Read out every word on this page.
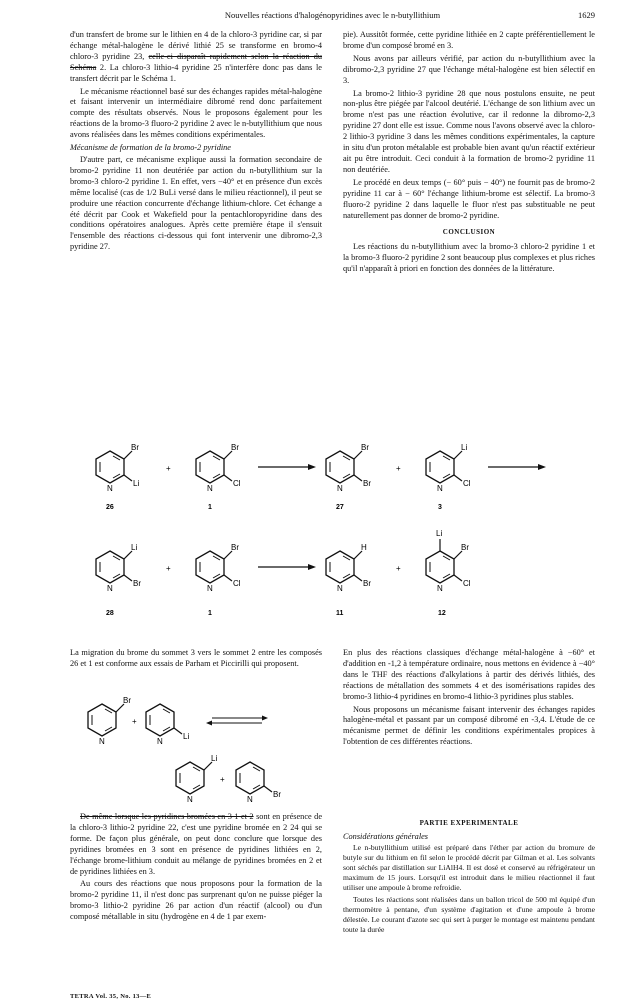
Nouvelles réactions d'halogénopyridines avec le n-butyllithium	1629

d'un transfert de brome sur le lithien en 4 de la chloro-3 pyridine car, si par échange métal-halogène le dérivé lithié 25 se transforme en bromo-4 chloro-3 pyridine 23, celle-ci disparaît rapidement selon la réaction du Schéma 2. La chloro-3 lithio-4 pyridine 25 n'interfère donc pas dans le transfert décrit par le Schéma 1.

Le mécanisme réactionnel basé sur des échanges rapides métal-halogène et faisant intervenir un intermédiaire dibromé rend donc parfaitement compte des résultats observés. Nous le proposons également pour les réactions de la bromo-3 fluoro-2 pyridine 2 avec le n-butyllithium que nous avons réalisées dans les mêmes conditions expérimentales.

Mécanisme de formation de la bromo-2 pyridine

D'autre part, ce mécanisme explique aussi la formation secondaire de bromo-2 pyridine 11 non deutériée par action du n-butyllithium sur la bromo-3 chloro-2 pyridine 1. En effet, vers −40° et en présence d'un excès même localisé (cas de 1/2 BuLi versé dans le milieu réactionnel), il peut se produire une réaction concurrente d'échange lithium-chlore. Cet échange a été décrit par Cook et Wakefield pour la pentachloropyridine dans des conditions opératoires analogues. Après cette première étape il s'ensuit l'ensemble des réactions ci-dessous qui font intervenir une dibromo-2,3 pyridine 27.

pie). Aussitôt formée, cette pyridine lithiée en 2 capte préférentiellement le brome d'un composé bromé en 3.

Nous avons par ailleurs vérifié, par action du n-butyllithium avec la dibromo-2,3 pyridine 27 que l'échange métal-halogène est bien sélectif en 3.

La bromo-2 lithio-3 pyridine 28 que nous postulons ensuite, ne peut non-plus être piégée par l'alcool deutérié. L'échange de son lithium avec un brome n'est pas une réaction évolutive, car il redonne la dibromo-2,3 pyridine 27 dont elle est issue. Comme nous l'avons observé avec la chloro-2 lithio-3 pyridine 3 dans les mêmes conditions expérimentales, la capture in situ d'un proton métalable est probable bien avant qu'un réactif extérieur ait pu être introduit. Ceci conduit à la formation de bromo-2 pyridine 11 non deutériée.

Le procédé en deux temps (− 60° puis − 40°) ne fournit pas de bromo-2 pyridine 11 car à − 60° l'échange lithium-brome est sélectif. La bromo-3 fluoro-2 pyridine 2 dans laquelle le fluor n'est pas substituable ne peut naturellement pas donner de bromo-2 pyridine.

CONCLUSION

Les réactions du n-butyllithium avec la bromo-3 chloro-2 pyridine 1 et la bromo-3 fluoro-2 pyridine 2 sont beaucoup plus complexes et plus riches qu'il n'apparaît à priori en fonction des données de la littérature.

Br
Li
N
+
Br
Cl
N
Br
Br
N
+
Li
Cl
N
26	1	27	3
Li
Br
N
+
Br
Cl
N
H
Br
N
+
Li
Br
Cl
N
28	1	11	12

La migration du brome du sommet 3 vers le sommet 2 entre les composés 26 et 1 est conforme aux essais de Parham et Piccirilli qui proposent.

Br
N
+
Li
N
Li
N
+
Br
N

En plus des réactions classiques d'échange métal-halogène à −60° et d'addition en -1,2 à température ordinaire, nous mettons en évidence à −40° dans le THF des réactions d'alkylations à partir des dérivés lithiés, des réactions de métallation des sommets 4 et des isomérisations rapides des bromo-3 lithio-4 pyridines en bromo-4 lithio-3 pyridines plus stables.

Nous proposons un mécanisme faisant intervenir des échanges rapides halogène-métal et passant par un composé dibromé en -3,4. L'étude de ce mécanisme permet de définir les conditions expérimentales propices à l'obtention de ces différentes réactions.

De même lorsque les pyridines bromées en 3 1 et 2 sont en présence de la chloro-3 lithio-2 pyridine 22, c'est une pyridine bromée en 2 24 qui se forme. De façon plus générale, on peut donc conclure que lorsque des pyridines bromées en 3 sont en présence de pyridines lithiées en 2, l'échange brome-lithium conduit au mélange de pyridines bromées en 2 et de pyridines lithiées en 3.

Au cours des réactions que nous proposons pour la formation de la bromo-2 pyridine 11, il n'est donc pas surprenant qu'on ne puisse piéger la bromo-3 lithio-2 pyridine 26 par action d'un réactif (alcool) ou d'un composé métallable in situ (hydrogène en 4 de 1 par exem-

PARTIE EXPERIMENTALE
Considérations générales

Le n-butyllithium utilisé est préparé dans l'éther par action du bromure de butyle sur du lithium en fil selon le procédé décrit par Gilman et al. Les solvants sont séchés par distillation sur LiAlH4. Il est dosé et conservé au réfrigérateur un maximum de 15 jours. Lorsqu'il est introduit dans le milieu réactionnel il faut utiliser une ampoule à brome refroidie.

Toutes les réactions sont réalisées dans un ballon tricol de 500 ml équipé d'un thermomètre à pentane, d'un système d'agitation et d'une ampoule à brome délestée. Le courant d'azote sec qui sert à purger le montage est maintenu pendant toute la durée

TETRA Vol. 35, No. 13—E
